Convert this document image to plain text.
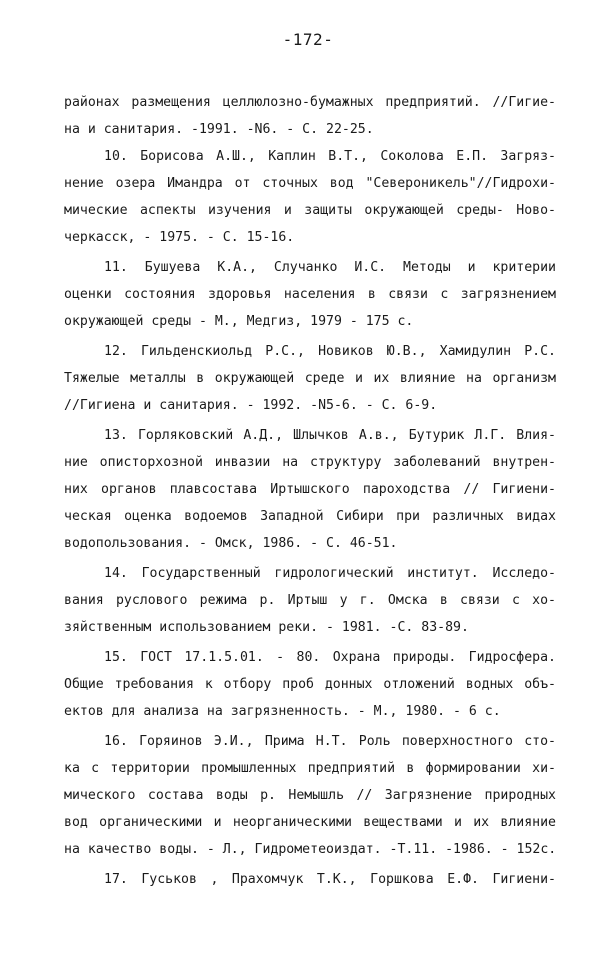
-172-
районах размещения целлюлозно-бумажных предприятий. //Гигие-
на и санитария. -1991. -N6. - С. 22-25.
10. Борисова А.Ш., Каплин В.Т., Соколова Е.П. Загряз-
нение озера Имандра от сточных вод "Североникель"//Гидрохи-
мические аспекты изучения и защиты окружающей среды- Ново-
черкасск, - 1975. - С. 15-16.
11. Бушуева К.А., Случанко И.С. Методы и критерии
оценки состояния здоровья населения в связи с загрязнением
окружающей среды - М., Медгиз, 1979 - 175 с.
12. Гильденскиольд Р.С., Новиков Ю.В., Хамидулин Р.С.
Тяжелые металлы в окружающей среде и их влияние на организм
//Гигиена и санитария. - 1992. -N5-6. - С. 6-9.
13. Горляковский А.Д., Шлычков А.в., Бутурик Л.Г. Влия-
ние описторхозной инвазии на структуру заболеваний внутрен-
них органов плавсостава Иртышского пароходства // Гигиени-
ческая оценка водоемов Западной Сибири при различных видах
водопользования. - Омск, 1986. - С. 46-51.
14. Государственный гидрологический институт. Исследо-
вания руслового режима р. Иртыш у г. Омска в связи с хо-
зяйственным использованием реки. - 1981. -С. 83-89.
15. ГОСТ 17.1.5.01. - 80. Охрана природы. Гидросфера.
Общие требования к отбору проб донных отложений водных объ-
ектов для анализа на загрязненность. - М., 1980. - 6 с.
16. Горяинов Э.И., Прима Н.Т. Роль поверхностного сто-
ка с территории промышленных предприятий в формировании хи-
мического состава воды р. Немышль // Загрязнение природных
вод органическими и неорганическими веществами и их влияние
на качество воды. - Л., Гидрометеоиздат. -Т.11. -1986. - 152с.
17. Гуськов , Прахомчук Т.К., Горшкова Е.Ф. Гигиени-
